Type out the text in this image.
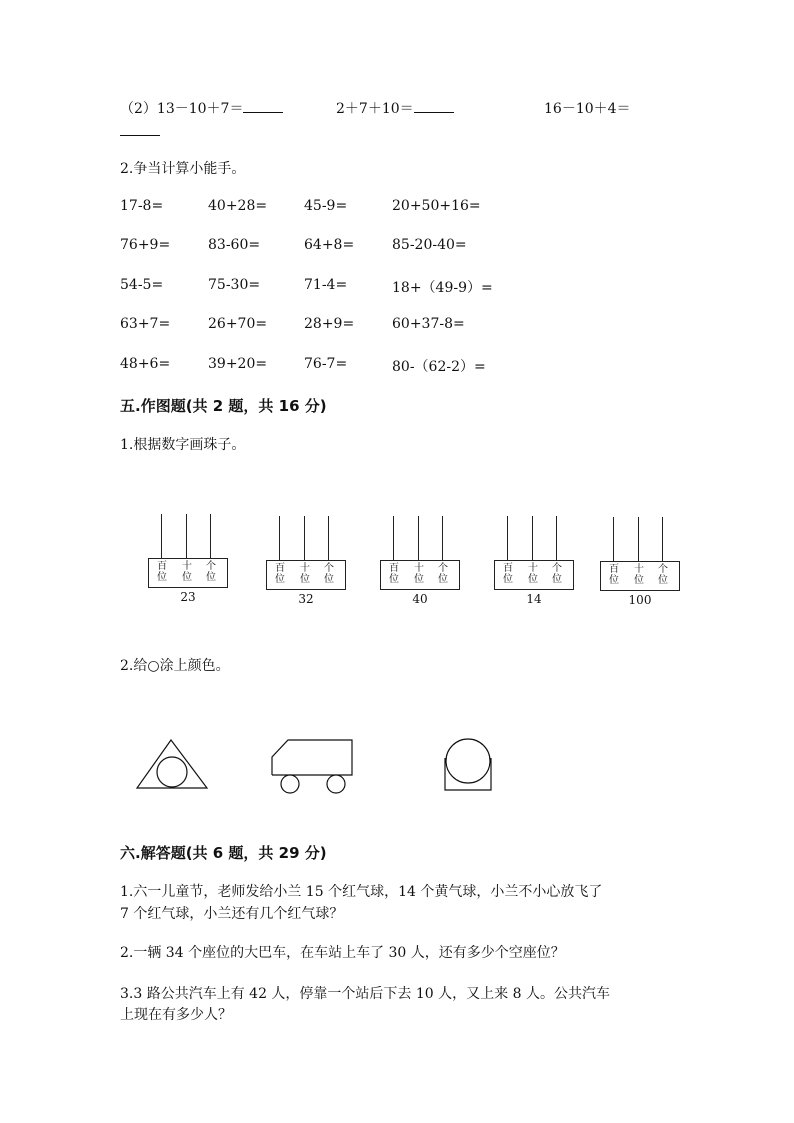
（2）13－10＋7＝	2＋7＋10＝	16－10＋4＝
2.争当计算小能手。
17-8=	40+28=	45-9=	20+50+16=
76+9=	83-60=	64+8=	85-20-40=
54-5=	75-30=	71-4=	18+（49-9）=
63+7=	26+70=	28+9=	60+37-8=
48+6=	39+20=	76-7=	80-（62-2）=
五.作图题(共 2 题，共 16 分)
1.根据数字画珠子。
百
位
十
位
个
位
23
百
位
十
位
个
位
32
百
位
十
位
个
位
40
百
位
十
位
个
位
14
百
位
十
位
个
位
100
2.给○涂上颜色。
六.解答题(共 6 题，共 29 分)
1.六一儿童节，老师发给小兰 15 个红气球，14 个黄气球，小兰不小心放飞了
7 个红气球，小兰还有几个红气球？
2.一辆 34 个座位的大巴车，在车站上车了 30 人，还有多少个空座位？
3.3 路公共汽车上有 42 人，停靠一个站后下去 10 人，又上来 8 人。公共汽车
上现在有多少人？
